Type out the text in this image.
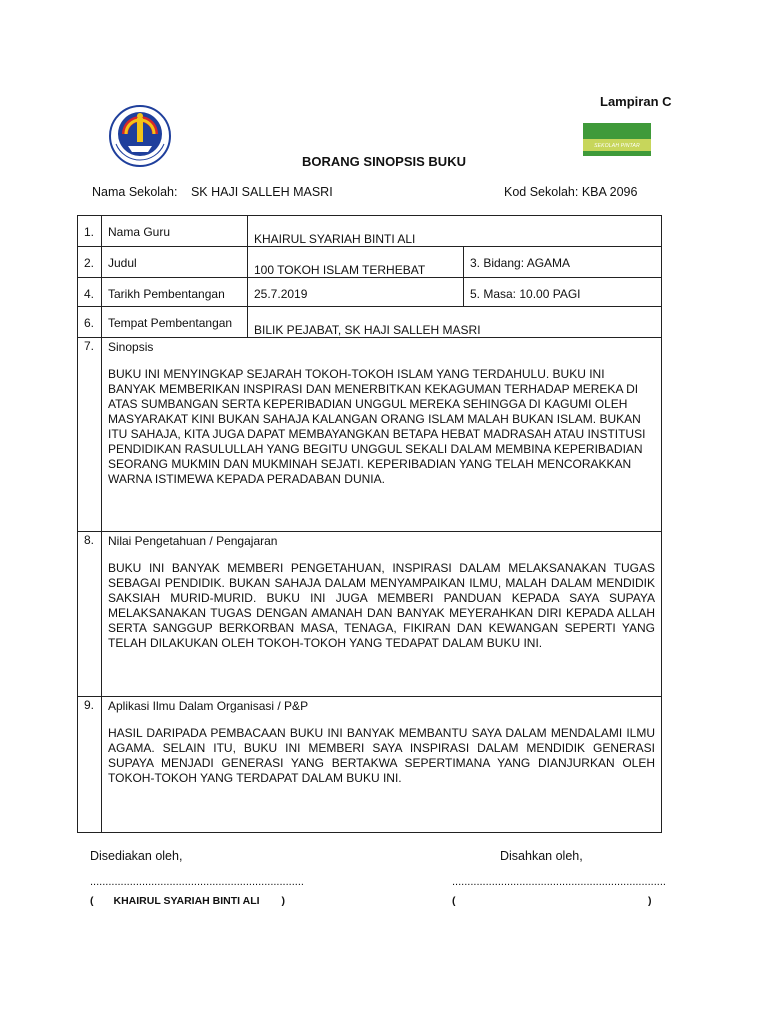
Lampiran C
SEKOLAH PINTAR
BORANG SINOPSIS BUKU
Nama Sekolah: SK HAJI SALLEH MASRI	Kod Sekolah: KBA 2096
1.	Nama Guru	KHAIRUL SYARIAH BINTI ALI	
2.	Judul	100 TOKOH ISLAM TERHEBAT	3. Bidang: AGAMA
4.	Tarikh Pembentangan	25.7.2019	5. Masa: 10.00 PAGI
6.	Tempat Pembentangan	BILIK PEJABAT, SK HAJI SALLEH MASRI	
7.	Sinopsis
BUKU INI MENYINGKAP SEJARAH TOKOH-TOKOH ISLAM YANG TERDAHULU. BUKU INI BANYAK MEMBERIKAN INSPIRASI DAN MENERBITKAN KEKAGUMAN TERHADAP MEREKA DI ATAS SUMBANGAN SERTA KEPERIBADIAN UNGGUL MEREKA SEHINGGA DI KAGUMI OLEH MASYARAKAT KINI BUKAN SAHAJA KALANGAN ORANG ISLAM MALAH BUKAN ISLAM. BUKAN ITU SAHAJA, KITA JUGA DAPAT MEMBAYANGKAN BETAPA HEBAT MADRASAH ATAU INSTITUSI PENDIDIKAN RASULULLAH YANG BEGITU UNGGUL SEKALI DALAM MEMBINA KEPERIBADIAN SEORANG MUKMIN DAN MUKMINAH SEJATI. KEPERIBADIAN YANG TELAH MENCORAKKAN WARNA ISTIMEWA KEPADA PERADABAN DUNIA.		

8.	Nilai Pengetahuan / Pengajaran
BUKU INI BANYAK MEMBERI PENGETAHUAN, INSPIRASI DALAM MELAKSANAKAN TUGAS SEBAGAI PENDIDIK. BUKAN SAHAJA DALAM MENYAMPAIKAN ILMU, MALAH DALAM MENDIDIK SAKSIAH MURID-MURID. BUKU INI JUGA MEMBERI PANDUAN KEPADA SAYA SUPAYA MELAKSANAKAN TUGAS DENGAN AMANAH DAN BANYAK MEYERAHKAN DIRI KEPADA ALLAH SERTA SANGGUP BERKORBAN MASA, TENAGA, FIKIRAN DAN KEWANGAN SEPERTI YANG TELAH DILAKUKAN OLEH TOKOH-TOKOH YANG TEDAPAT DALAM BUKU INI.		

9.	Aplikasi Ilmu Dalam Organisasi / P&P
HASIL DARIPADA PEMBACAAN BUKU INI BANYAK MEMBANTU SAYA DALAM MENDALAMI ILMU AGAMA. SELAIN ITU, BUKU INI MEMBERI SAYA INSPIRASI DALAM MENDIDIK GENERASI SUPAYA MENJADI GENERASI YANG BERTAKWA SEPERTIMANA YANG DIANJURKAN OLEH TOKOH-TOKOH YANG TERDAPAT DALAM BUKU INI.		
Disediakan oleh,	Disahkan oleh,
......................................................................	......................................................................
( KHAIRUL SYARIAH BINTI ALI )	(	)
